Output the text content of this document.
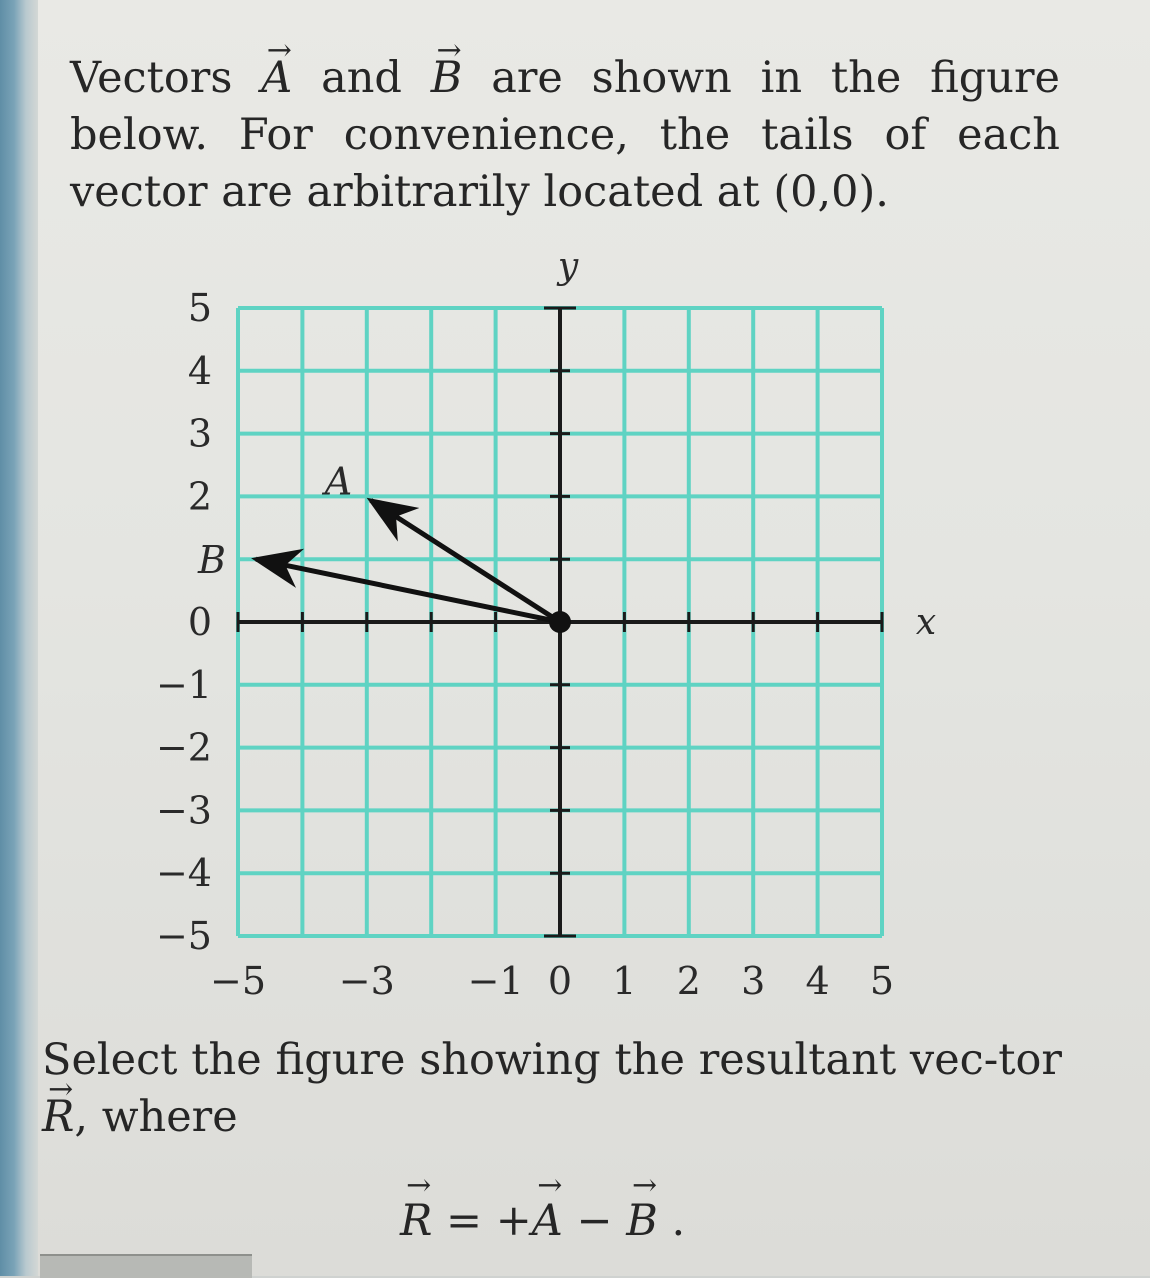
Vectors → A and → B are shown in the figure below. For convenience, the tails of each vector are arbitrarily located at (0,0).

x
y
−5 −3 −1 0 1 2 3 4 5
5
4
3
2
0
−1
−2
−3
−4
−5
A
B

Select the figure showing the resultant vec-tor → R, where

→ R = +→ A − → B .
